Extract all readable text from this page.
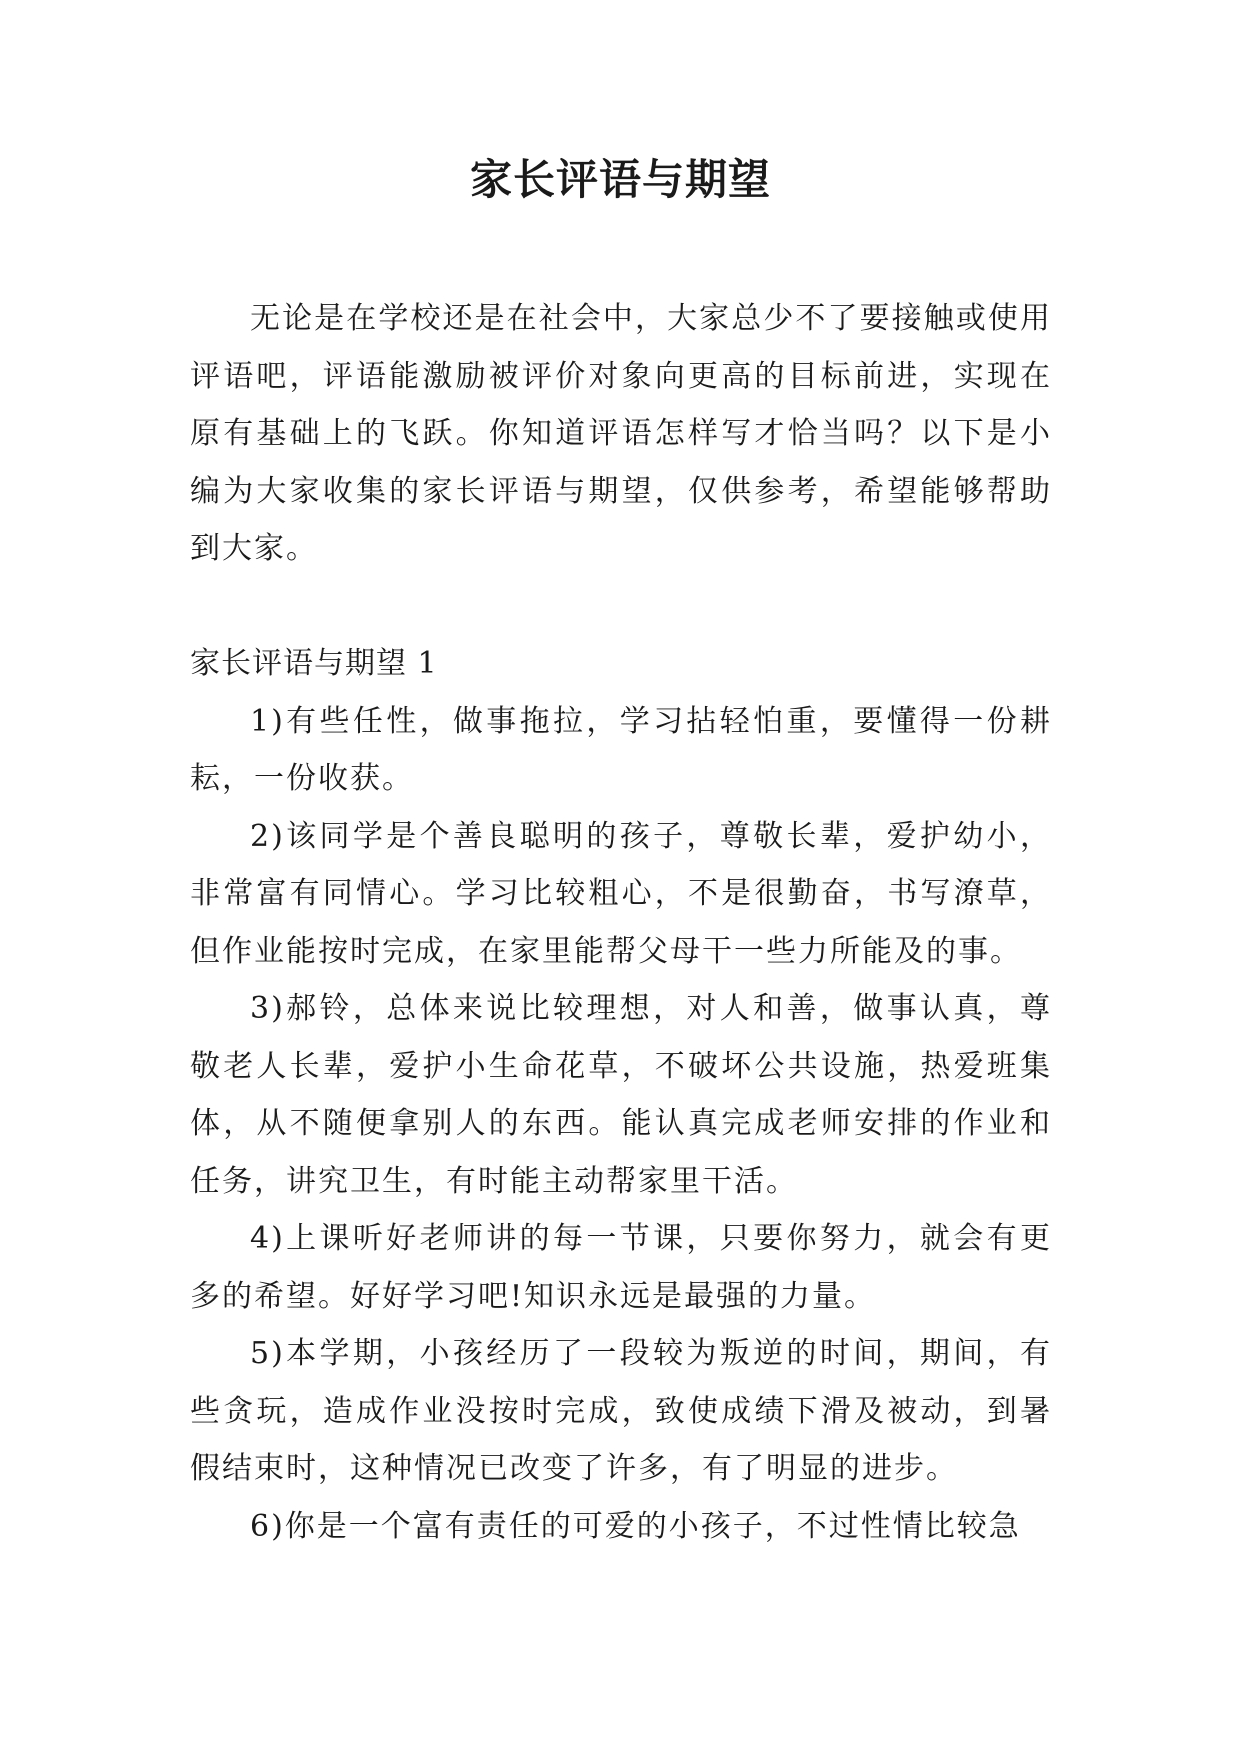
家长评语与期望

无论是在学校还是在社会中，大家总少不了要接触或使用评语吧，评语能激励被评价对象向更高的目标前进，实现在原有基础上的飞跃。你知道评语怎样写才恰当吗？以下是小编为大家收集的家长评语与期望，仅供参考，希望能够帮助到大家。

家长评语与期望 1

1)有些任性，做事拖拉，学习拈轻怕重，要懂得一份耕耘，一份收获。

2)该同学是个善良聪明的孩子，尊敬长辈，爱护幼小，非常富有同情心。学习比较粗心，不是很勤奋，书写潦草，但作业能按时完成，在家里能帮父母干一些力所能及的事。

3)郝铃，总体来说比较理想，对人和善，做事认真，尊敬老人长辈，爱护小生命花草，不破坏公共设施，热爱班集体，从不随便拿别人的东西。能认真完成老师安排的作业和任务，讲究卫生，有时能主动帮家里干活。

4)上课听好老师讲的每一节课，只要你努力，就会有更多的希望。好好学习吧!知识永远是最强的力量。

5)本学期，小孩经历了一段较为叛逆的时间，期间，有些贪玩，造成作业没按时完成，致使成绩下滑及被动，到暑假结束时，这种情况已改变了许多，有了明显的进步。

6)你是一个富有责任的可爱的小孩子，不过性情比较急
